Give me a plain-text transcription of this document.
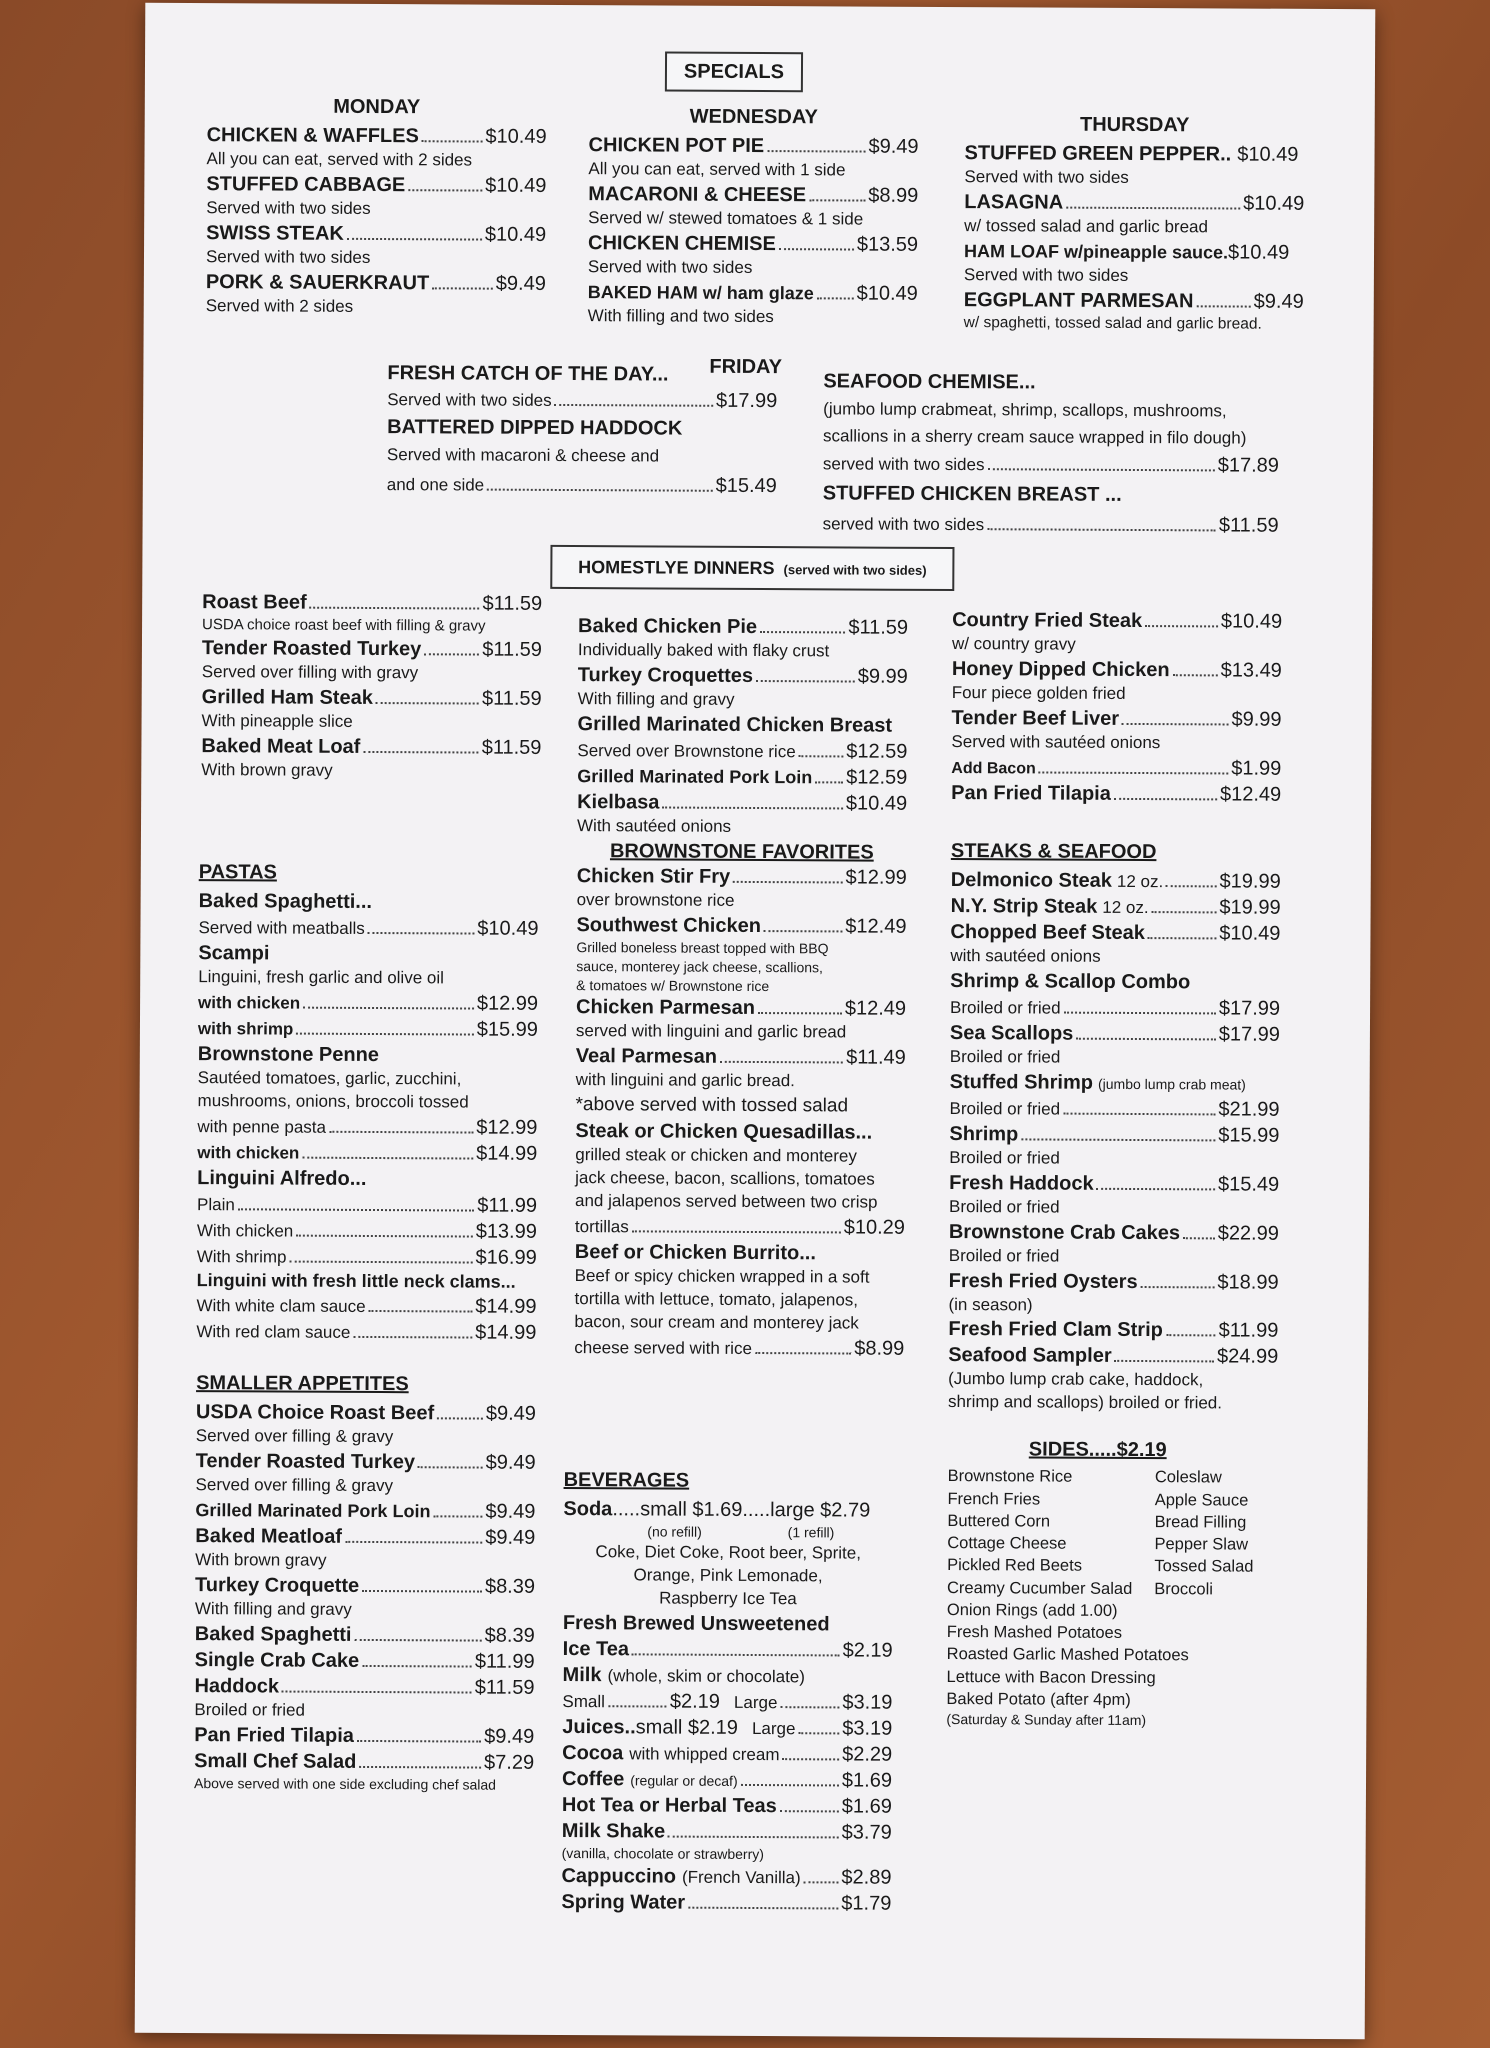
SPECIALS
MONDAY
CHICKEN & WAFFLES	$10.49
All you can eat, served with 2 sides
STUFFED CABBAGE	$10.49
Served with two sides
SWISS STEAK	$10.49
Served with two sides
PORK & SAUERKRAUT	$9.49
Served with 2 sides
WEDNESDAY
CHICKEN POT PIE	$9.49
All you can eat, served with 1 side
MACARONI & CHEESE	$8.99
Served w/ stewed tomatoes & 1 side
CHICKEN CHEMISE	$13.59
Served with two sides
BAKED HAM w/ ham glaze $10.49
With filling and two sides
THURSDAY
STUFFED GREEN PEPPER.. $10.49
Served with two sides
LASAGNA	$10.49
w/ tossed salad and garlic bread
HAM LOAF w/pineapple sauce. $10.49
Served with two sides
EGGPLANT PARMESAN	$9.49
w/ spaghetti, tossed salad and garlic bread.
FRIDAY
FRESH CATCH OF THE DAY...
Served with two sides	$17.99
BATTERED DIPPED HADDOCK
Served with macaroni & cheese and
and one side	$15.49
SEAFOOD CHEMISE...
(jumbo lump crabmeat, shrimp, scallops, mushrooms,
scallions in a sherry cream sauce wrapped in filo dough)
served with two sides	$17.89
STUFFED CHICKEN BREAST ...
served with two sides	$11.59
HOMESTLYE DINNERS (served with two sides)
Roast Beef	$11.59
USDA choice roast beef with filling & gravy
Tender Roasted Turkey	$11.59
Served over filling with gravy
Grilled Ham Steak	$11.59
With pineapple slice
Baked Meat Loaf	$11.59
With brown gravy
Baked Chicken Pie	$11.59
Individually baked with flaky crust
Turkey Croquettes	$9.99
With filling and gravy
Grilled Marinated Chicken Breast
Served over Brownstone rice	$12.59
Grilled Marinated Pork Loin $12.59
Kielbasa	$10.49
With sautéed onions
BROWNSTONE FAVORITES
Chicken Stir Fry	$12.99
over brownstone rice
Southwest Chicken	$12.49
Grilled boneless breast topped with BBQ
sauce, monterey jack cheese, scallions,
& tomatoes w/ Brownstone rice
Chicken Parmesan	$12.49
served with linguini and garlic bread
Veal Parmesan	$11.49
with linguini and garlic bread.
*above served with tossed salad
Steak or Chicken Quesadillas...
grilled steak or chicken and monterey
jack cheese, bacon, scallions, tomatoes
and jalapenos served between two crisp
tortillas	$10.29
Beef or Chicken Burrito...
Beef or spicy chicken wrapped in a soft
tortilla with lettuce, tomato, jalapenos,
bacon, sour cream and monterey jack
cheese served with rice	$8.99
Country Fried Steak	$10.49
w/ country gravy
Honey Dipped Chicken	$13.49
Four piece golden fried
Tender Beef Liver	$9.99
Served with sautéed onions
Add Bacon	$1.99
Pan Fried Tilapia	$12.49
STEAKS & SEAFOOD
Delmonico Steak 12 oz.	$19.99
N.Y. Strip Steak 12 oz.	$19.99
Chopped Beef Steak	$10.49
with sautéed onions
Shrimp & Scallop Combo
Broiled or fried	$17.99
Sea Scallops	$17.99
Broiled or fried
Stuffed Shrimp (jumbo lump crab meat)
Broiled or fried	$21.99
Shrimp	$15.99
Broiled or fried
Fresh Haddock	$15.49
Broiled or fried
Brownstone Crab Cakes $22.99
Broiled or fried
Fresh Fried Oysters	$18.99
(in season)
Fresh Fried Clam Strip	$11.99
Seafood Sampler	$24.99
(Jumbo lump crab cake, haddock,
shrimp and scallops) broiled or fried.
SIDES.....$2.19
Brownstone Rice
French Fries
Buttered Corn
Cottage Cheese
Pickled Red Beets
Creamy Cucumber Salad
Coleslaw
Apple Sauce
Bread Filling
Pepper Slaw
Tossed Salad
Broccoli
Onion Rings (add 1.00)
Fresh Mashed Potatoes
Roasted Garlic Mashed Potatoes
Lettuce with Bacon Dressing
Baked Potato (after 4pm)
(Saturday & Sunday after 11am)
PASTAS
Baked Spaghetti...
Served with meatballs	$10.49
Scampi
Linguini, fresh garlic and olive oil
with chicken	$12.99
with shrimp	$15.99
Brownstone Penne
Sautéed tomatoes, garlic, zucchini,
mushrooms, onions, broccoli tossed
with penne pasta	$12.99
with chicken	$14.99
Linguini Alfredo...
Plain	$11.99
With chicken	$13.99
With shrimp	$16.99
Linguini with fresh little neck clams...
With white clam sauce	$14.99
With red clam sauce	$14.99
SMALLER APPETITES
USDA Choice Roast Beef	$9.49
Served over filling & gravy
Tender Roasted Turkey	$9.49
Served over filling & gravy
Grilled Marinated Pork Loin	$9.49
Baked Meatloaf	$9.49
With brown gravy
Turkey Croquette	$8.39
With filling and gravy
Baked Spaghetti	$8.39
Single Crab Cake	$11.99
Haddock	$11.59
Broiled or fried
Pan Fried Tilapia	$9.49
Small Chef Salad	$7.29
Above served with one side excluding chef salad
BEVERAGES
Soda .....small $1.69.....large $2.79
(no refill)	(1 refill)
Coke, Diet Coke, Root beer, Sprite,
Orange, Pink Lemonade,
Raspberry Ice Tea
Fresh Brewed Unsweetened
Ice Tea	$2.19
Milk (whole, skim or chocolate)
Small	$2.19 Large	$3.19
Juices.. small $2.19 Large $3.19
Cocoa with whipped cream	$2.29
Coffee (regular or decaf)	$1.69
Hot Tea or Herbal Teas	$1.69
Milk Shake	$3.79
(vanilla, chocolate or strawberry)
Cappuccino (French Vanilla) $2.89
Spring Water	$1.79
